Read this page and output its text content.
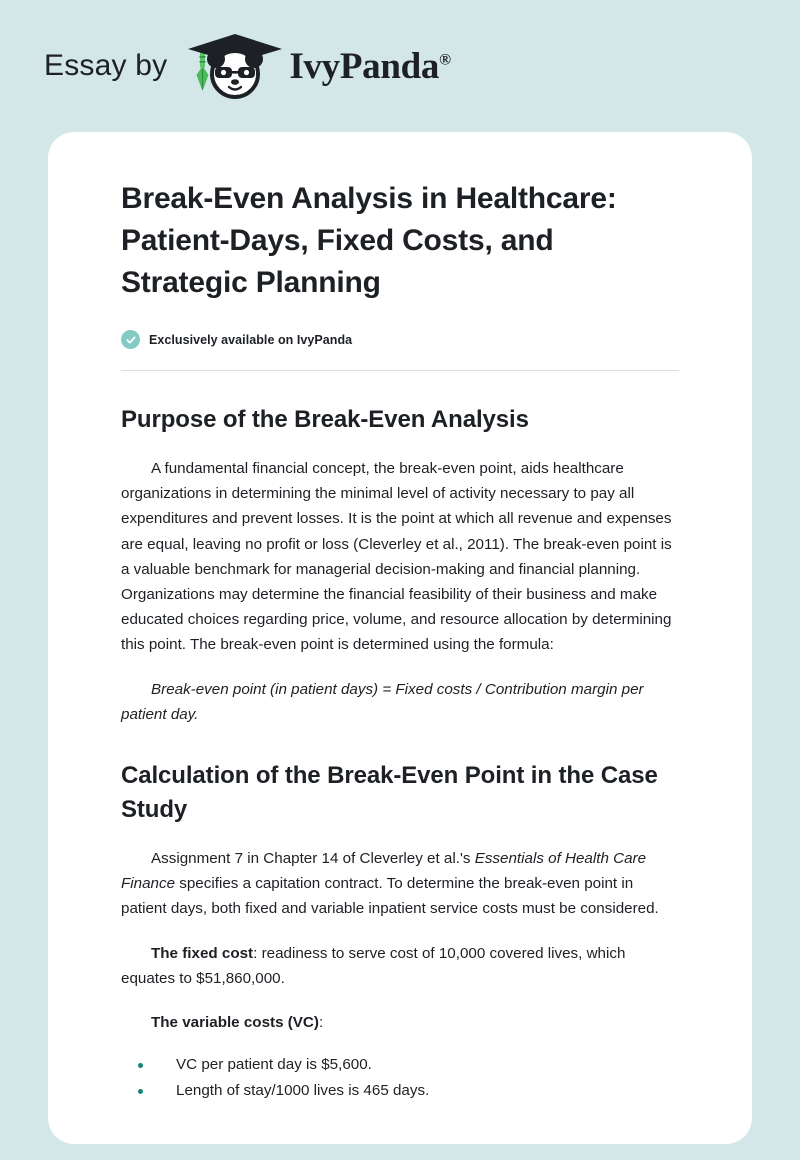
Essay by	IvyPanda®
Break-Even Analysis in Healthcare: Patient-Days, Fixed Costs, and Strategic Planning
Exclusively available on IvyPanda
Purpose of the Break-Even Analysis

A fundamental financial concept, the break-even point, aids healthcare organizations in determining the minimal level of activity necessary to pay all expenditures and prevent losses. It is the point at which all revenue and expenses are equal, leaving no profit or loss (Cleverley et al., 2011). The break-even point is a valuable benchmark for managerial decision-making and financial planning. Organizations may determine the financial feasibility of their business and make educated choices regarding price, volume, and resource allocation by determining this point. The break-even point is determined using the formula:

Break-even point (in patient days) = Fixed costs / Contribution margin per patient day.

Calculation of the Break-Even Point in the Case Study

Assignment 7 in Chapter 14 of Cleverley et al.'s Essentials of Health Care Finance specifies a capitation contract. To determine the break-even point in patient days, both fixed and variable inpatient service costs must be considered.

The fixed cost: readiness to serve cost of 10,000 covered lives, which equates to $51,860,000.

The variable costs (VC):

VC per patient day is $5,600.
Length of stay/1000 lives is 465 days.
